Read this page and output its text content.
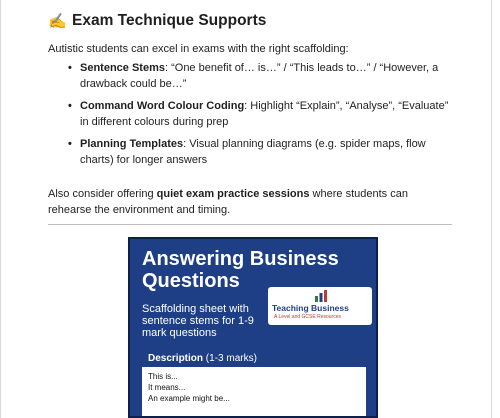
✍️ Exam Technique Supports
Autistic students can excel in exams with the right scaffolding:
• Sentence Stems: “One benefit of… is…” / “This leads to…” / “However, a drawback could be…”
• Command Word Colour Coding: Highlight “Explain”, “Analyse”, “Evaluate” in different colours during prep
• Planning Templates: Visual planning diagrams (e.g. spider maps, flow charts) for longer answers
Also consider offering quiet exam practice sessions where students can rehearse the environment and timing.
Answering Business Questions
Scaffolding sheet with sentence stems for 1-9 mark questions
Teaching Business
A Level and GCSE Resources
Description (1-3 marks)
This is...
It means...
An example might be...
